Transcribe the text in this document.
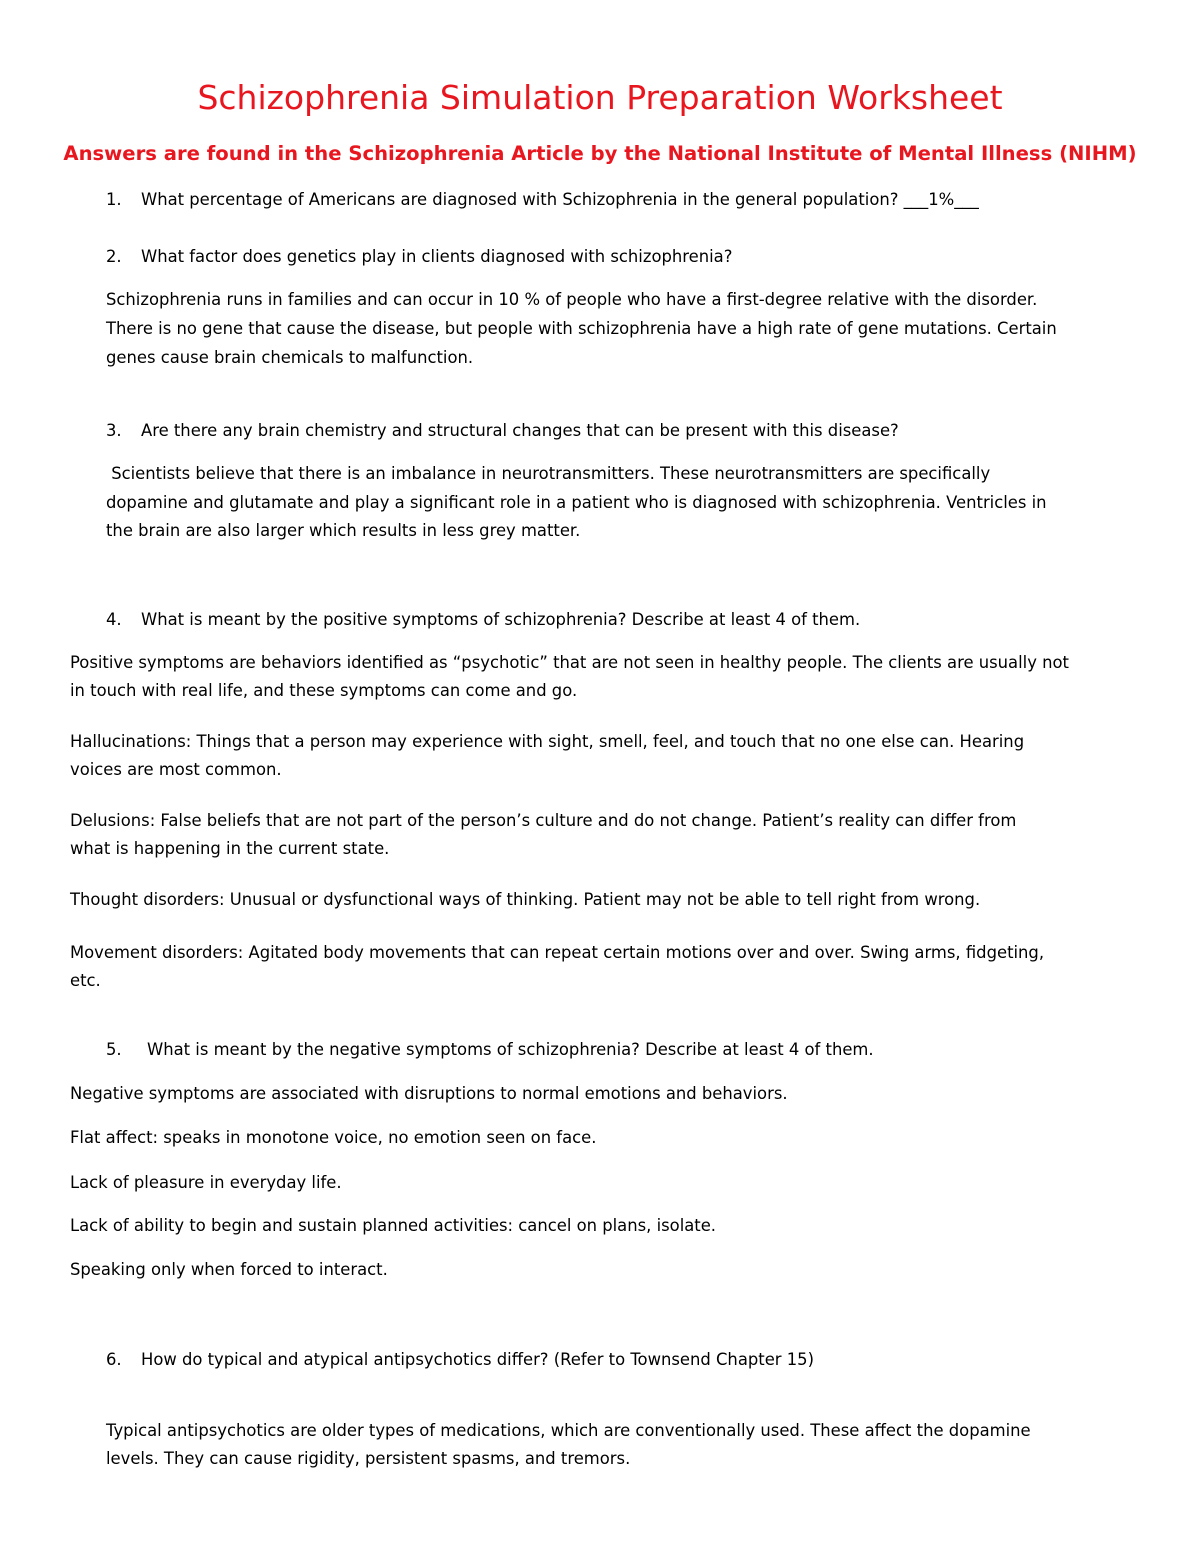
Schizophrenia Simulation Preparation Worksheet
Answers are found in the Schizophrenia Article by the National Institute of Mental Illness (NIHM)
1. What percentage of Americans are diagnosed with Schizophrenia in the general population? ___1%___
2. What factor does genetics play in clients diagnosed with schizophrenia?
Schizophrenia runs in families and can occur in 10 % of people who have a first-degree relative with the disorder.
There is no gene that cause the disease, but people with schizophrenia have a high rate of gene mutations. Certain
genes cause brain chemicals to malfunction.
3. Are there any brain chemistry and structural changes that can be present with this disease?
Scientists believe that there is an imbalance in neurotransmitters. These neurotransmitters are specifically
dopamine and glutamate and play a significant role in a patient who is diagnosed with schizophrenia. Ventricles in
the brain are also larger which results in less grey matter.
4. What is meant by the positive symptoms of schizophrenia? Describe at least 4 of them.
Positive symptoms are behaviors identified as “psychotic” that are not seen in healthy people. The clients are usually not
in touch with real life, and these symptoms can come and go.
Hallucinations: Things that a person may experience with sight, smell, feel, and touch that no one else can. Hearing
voices are most common.
Delusions: False beliefs that are not part of the person’s culture and do not change. Patient’s reality can differ from
what is happening in the current state.
Thought disorders: Unusual or dysfunctional ways of thinking. Patient may not be able to tell right from wrong.
Movement disorders: Agitated body movements that can repeat certain motions over and over. Swing arms, fidgeting,
etc.
5. What is meant by the negative symptoms of schizophrenia? Describe at least 4 of them.
Negative symptoms are associated with disruptions to normal emotions and behaviors.
Flat affect: speaks in monotone voice, no emotion seen on face.
Lack of pleasure in everyday life.
Lack of ability to begin and sustain planned activities: cancel on plans, isolate.
Speaking only when forced to interact.
6. How do typical and atypical antipsychotics differ? (Refer to Townsend Chapter 15)
Typical antipsychotics are older types of medications, which are conventionally used. These affect the dopamine
levels. They can cause rigidity, persistent spasms, and tremors.
